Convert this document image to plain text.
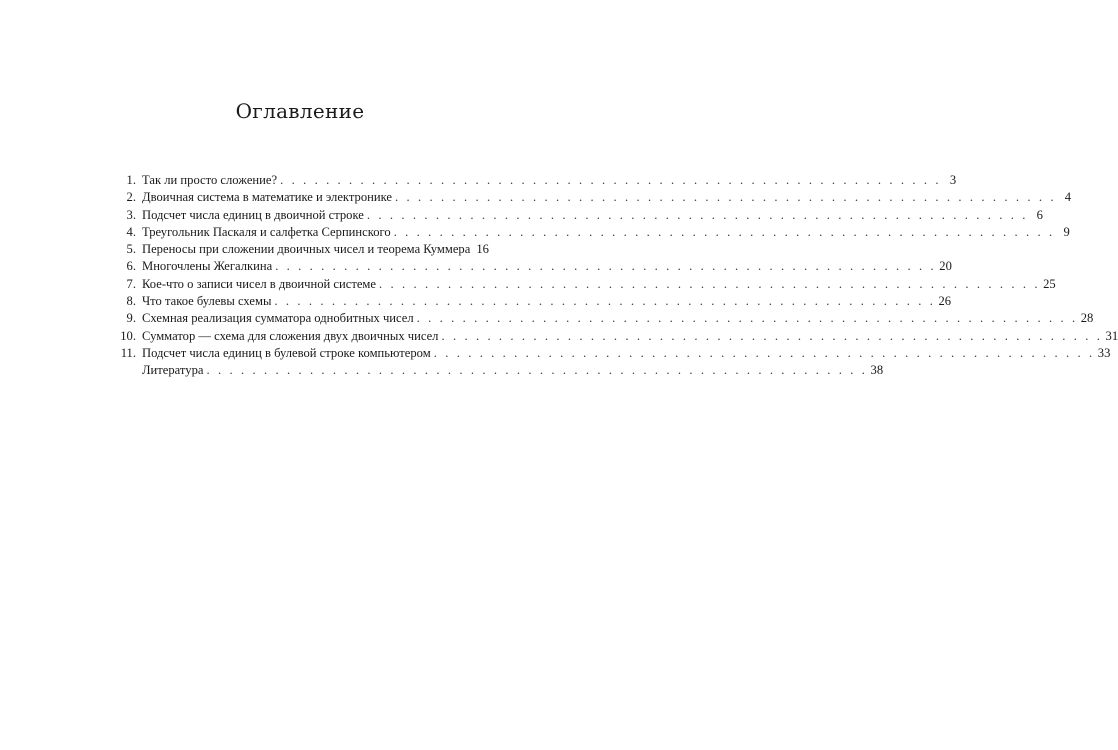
Оглавление
1. Так ли просто сложение? . . . . . . . . . . . . . . . . . . . . . . . . . . . . . . . . . . . . . . . . . . . . . . . . . . . . . . . . . . 3
2. Двоичная система в математике и электронике . . . . . . . . . . . . . . . . . . . . . . . . . . . . . . . . . . . . . . . . . . . . . . . . . . . . . . . . . . 4
3. Подсчет числа единиц в двоичной строке . . . . . . . . . . . . . . . . . . . . . . . . . . . . . . . . . . . . . . . . . . . . . . . . . . . . . . . . . . 6
4. Треугольник Паскаля и салфетка Серпинского . . . . . . . . . . . . . . . . . . . . . . . . . . . . . . . . . . . . . . . . . . . . . . . . . . . . . . . . . . 9
5. Переносы при сложении двоичных чисел и теорема Куммера 16
6. Многочлены Жегалкина . . . . . . . . . . . . . . . . . . . . . . . . . . . . . . . . . . . . . . . . . . . . . . . . . . . . . . . . . . 20
7. Кое-что о записи чисел в двоичной системе . . . . . . . . . . . . . . . . . . . . . . . . . . . . . . . . . . . . . . . . . . . . . . . . . . . . . . . . . . 25
8. Что такое булевы схемы . . . . . . . . . . . . . . . . . . . . . . . . . . . . . . . . . . . . . . . . . . . . . . . . . . . . . . . . . . 26
9. Схемная реализация сумматора однобитных чисел . . . . . . . . . . . . . . . . . . . . . . . . . . . . . . . . . . . . . . . . . . . . . . . . . . . . . . . . . . 28
10. Сумматор — схема для сложения двух двоичных чисел . . . . . . . . . . . . . . . . . . . . . . . . . . . . . . . . . . . . . . . . . . . . . . . . . . . . . . . . . . 31
11. Подсчет числа единиц в булевой строке компьютером . . . . . . . . . . . . . . . . . . . . . . . . . . . . . . . . . . . . . . . . . . . . . . . . . . . . . . . . . . 33
Литература . . . . . . . . . . . . . . . . . . . . . . . . . . . . . . . . . . . . . . . . . . . . . . . . . . . . . . . . . . 38
